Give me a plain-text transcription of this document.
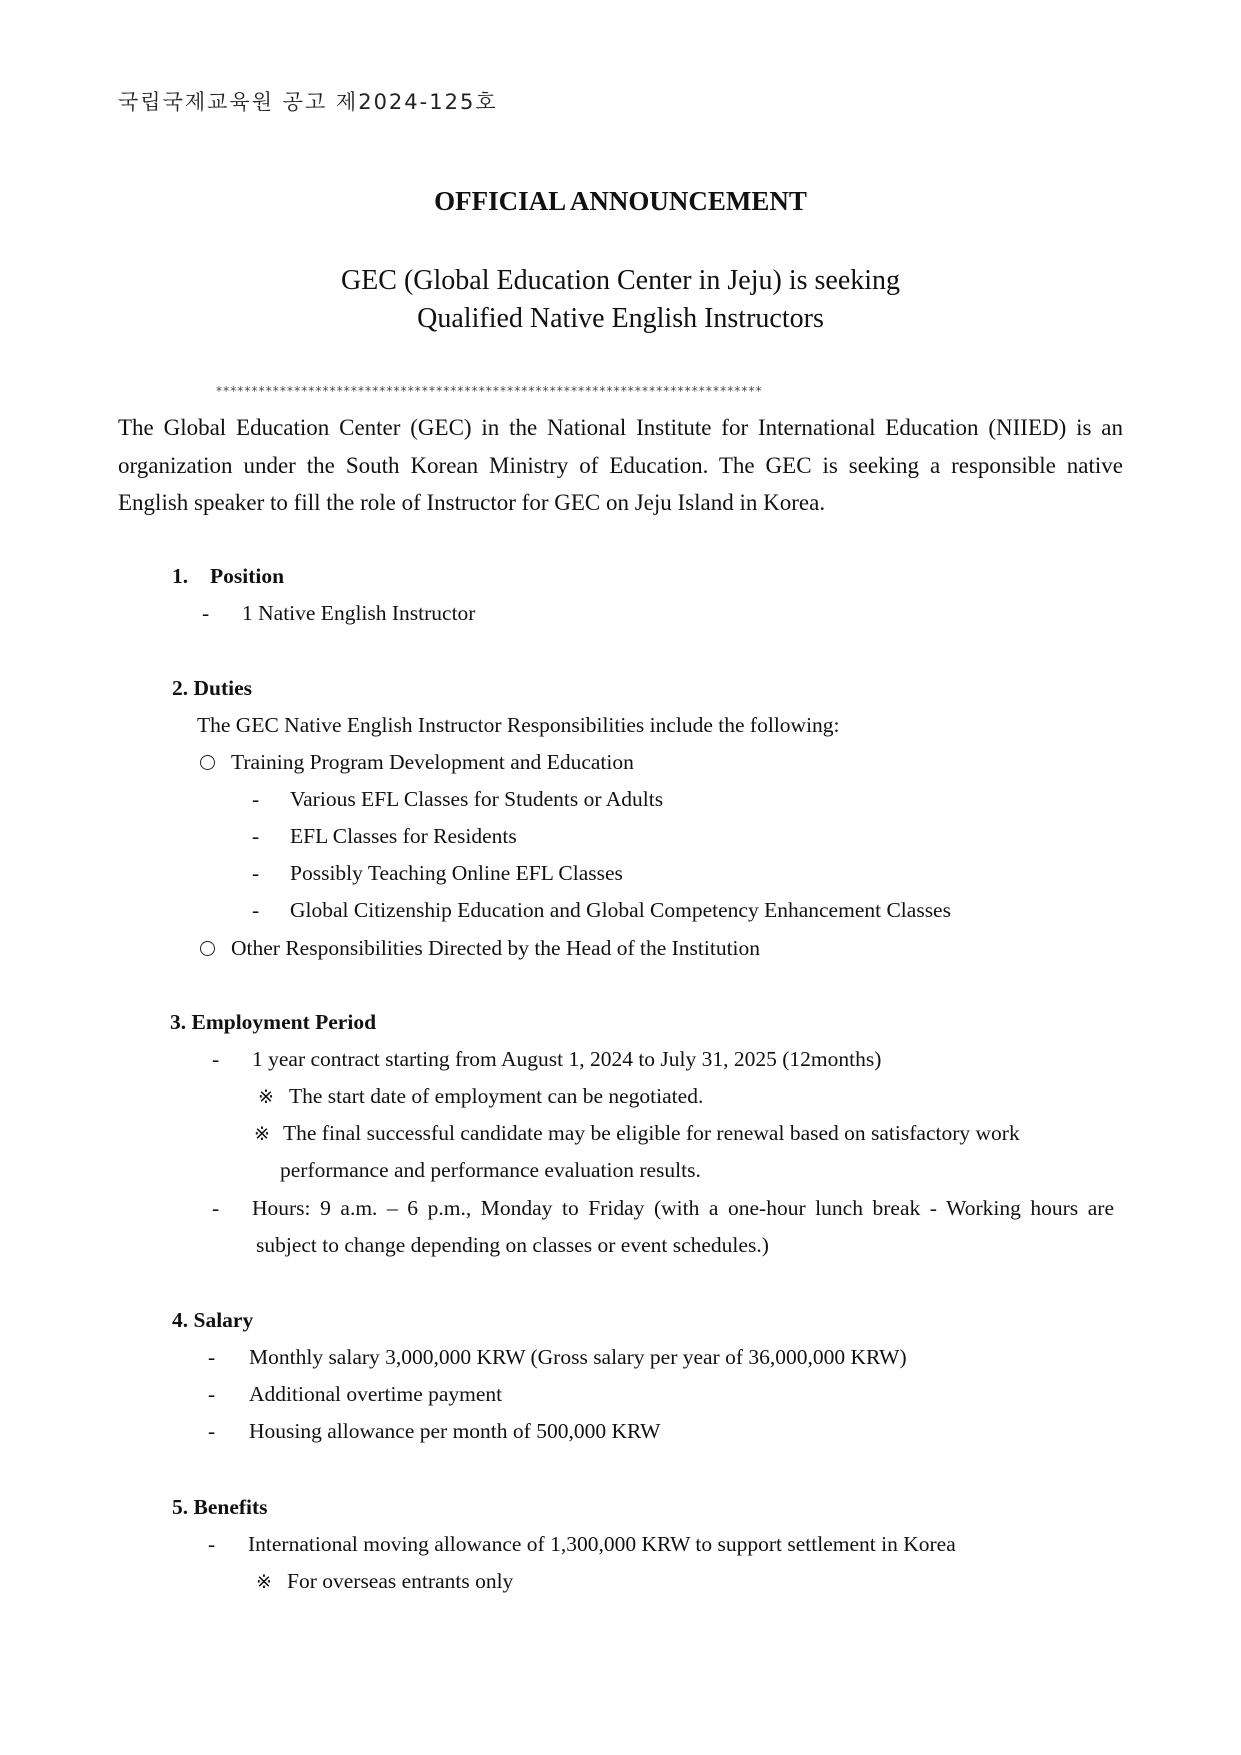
국립국제교육원 공고 제2024-125호
OFFICIAL ANNOUNCEMENT
GEC (Global Education Center in Jeju) is seeking
Qualified Native English Instructors
*****************************************************************************
The Global Education Center (GEC) in the National Institute for International Education (NIIED) is an organization under the South Korean Ministry of Education. The GEC is seeking a responsible native English speaker to fill the role of Instructor for GEC on Jeju Island in Korea.
1. Position
- 1 Native English Instructor
2. Duties
The GEC Native English Instructor Responsibilities include the following:
Training Program Development and Education
- Various EFL Classes for Students or Adults
- EFL Classes for Residents
- Possibly Teaching Online EFL Classes
- Global Citizenship Education and Global Competency Enhancement Classes
Other Responsibilities Directed by the Head of the Institution
3. Employment Period
- 1 year contract starting from August 1, 2024 to July 31, 2025 (12months)
※ The start date of employment can be negotiated.
※ The final successful candidate may be eligible for renewal based on satisfactory work
performance and performance evaluation results.
- Hours: 9 a.m. – 6 p.m., Monday to Friday (with a one-hour lunch break - Working hours are
subject to change depending on classes or event schedules.)
4. Salary
- Monthly salary 3,000,000 KRW (Gross salary per year of 36,000,000 KRW)
- Additional overtime payment
- Housing allowance per month of 500,000 KRW
5. Benefits
- International moving allowance of 1,300,000 KRW to support settlement in Korea
※ For overseas entrants only
